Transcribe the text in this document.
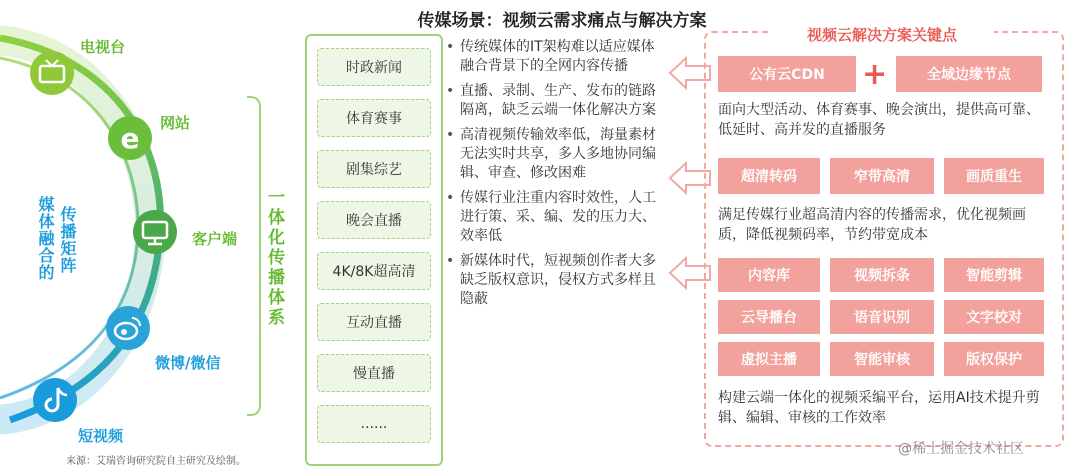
传媒场景：视频云需求痛点与解决方案
e
电视台
网站
客户端
微博/微信
短视频
传播矩阵
媒体融合的	一体化传播体系
时政新闻
体育赛事
剧集综艺
晚会直播
4K/8K超高清
互动直播
慢直播
......
• 传统媒体的IT架构难以适应媒体融合背景下的全网内容传播
• 直播、录制、生产、发布的链路隔离，缺乏云端一体化解决方案
• 高清视频传输效率低，海量素材无法实时共享，多人多地协同编辑、审查、修改困难
• 传媒行业注重内容时效性，人工进行策、采、编、发的压力大、效率低
• 新媒体时代，短视频创作者大多缺乏版权意识，侵权方式多样且隐蔽
视频云解决方案关键点
公有云CDN	+	全域边缘节点
面向大型活动、体育赛事、晚会演出，提供高可靠、低延时、高并发的直播服务
超清转码	窄带高清	画质重生
满足传媒行业超高清内容的传播需求，优化视频画质，降低视频码率，节约带宽成本
内容库	视频拆条	智能剪辑
云导播台	语音识别	文字校对
虚拟主播	智能审核	版权保护
构建云端一体化的视频采编平台，运用AI技术提升剪辑、编辑、审核的工作效率
来源：艾瑞咨询研究院自主研究及绘制。
@稀土掘金技术社区
